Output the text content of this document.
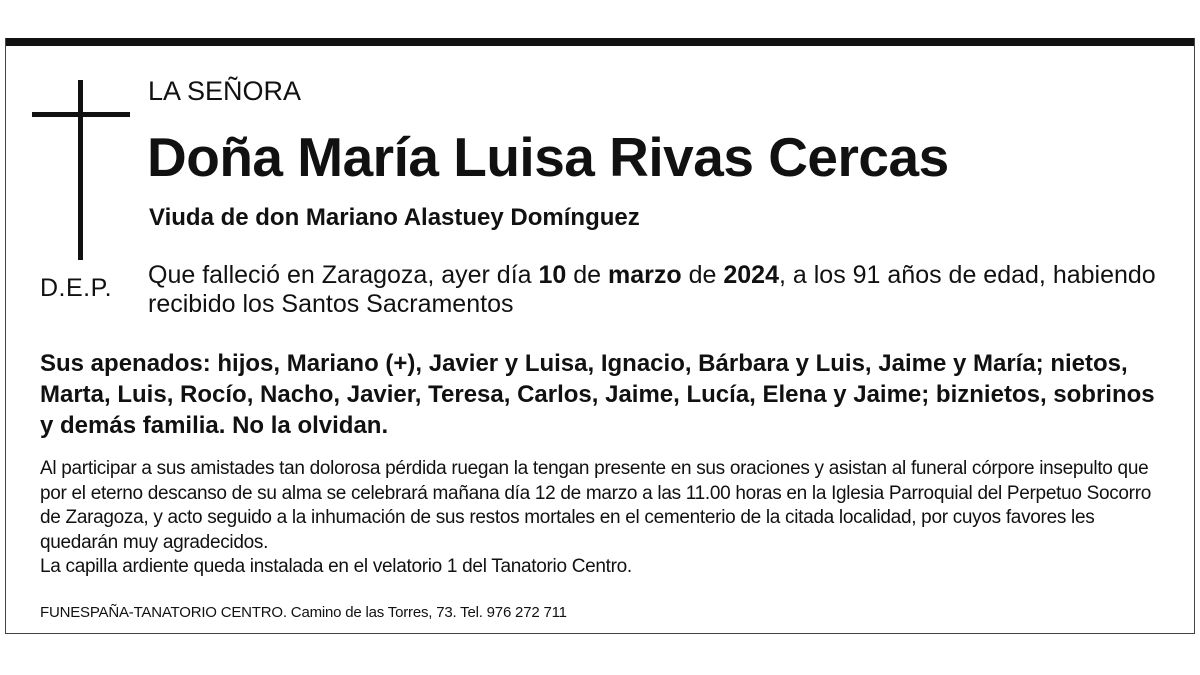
D.E.P.
LA SEÑORA
Doña María Luisa Rivas Cercas
Viuda de don Mariano Alastuey Domínguez
Que falleció en Zaragoza, ayer día 10 de marzo de 2024, a los 91 años de edad, habiendo recibido los Santos Sacramentos
Sus apenados: hijos, Mariano (+), Javier y Luisa, Ignacio, Bárbara y Luis, Jaime y María; nietos, Marta, Luis, Rocío, Nacho, Javier, Teresa, Carlos, Jaime, Lucía, Elena y Jaime; biznietos, sobrinos y demás familia. No la olvidan.

Al participar a sus amistades tan dolorosa pérdida ruegan la tengan presente en sus oraciones y asistan al funeral córpore insepulto que por el eterno descanso de su alma se celebrará mañana día 12 de marzo a las 11.00 horas en la Iglesia Parroquial del Perpetuo Socorro de Zaragoza, y acto seguido a la inhumación de sus restos mortales en el cementerio de la citada localidad, por cuyos favores les quedarán muy agradecidos.

La capilla ardiente queda instalada en el velatorio 1 del Tanatorio Centro.

FUNESPAÑA-TANATORIO CENTRO. Camino de las Torres, 73. Tel. 976 272 711
